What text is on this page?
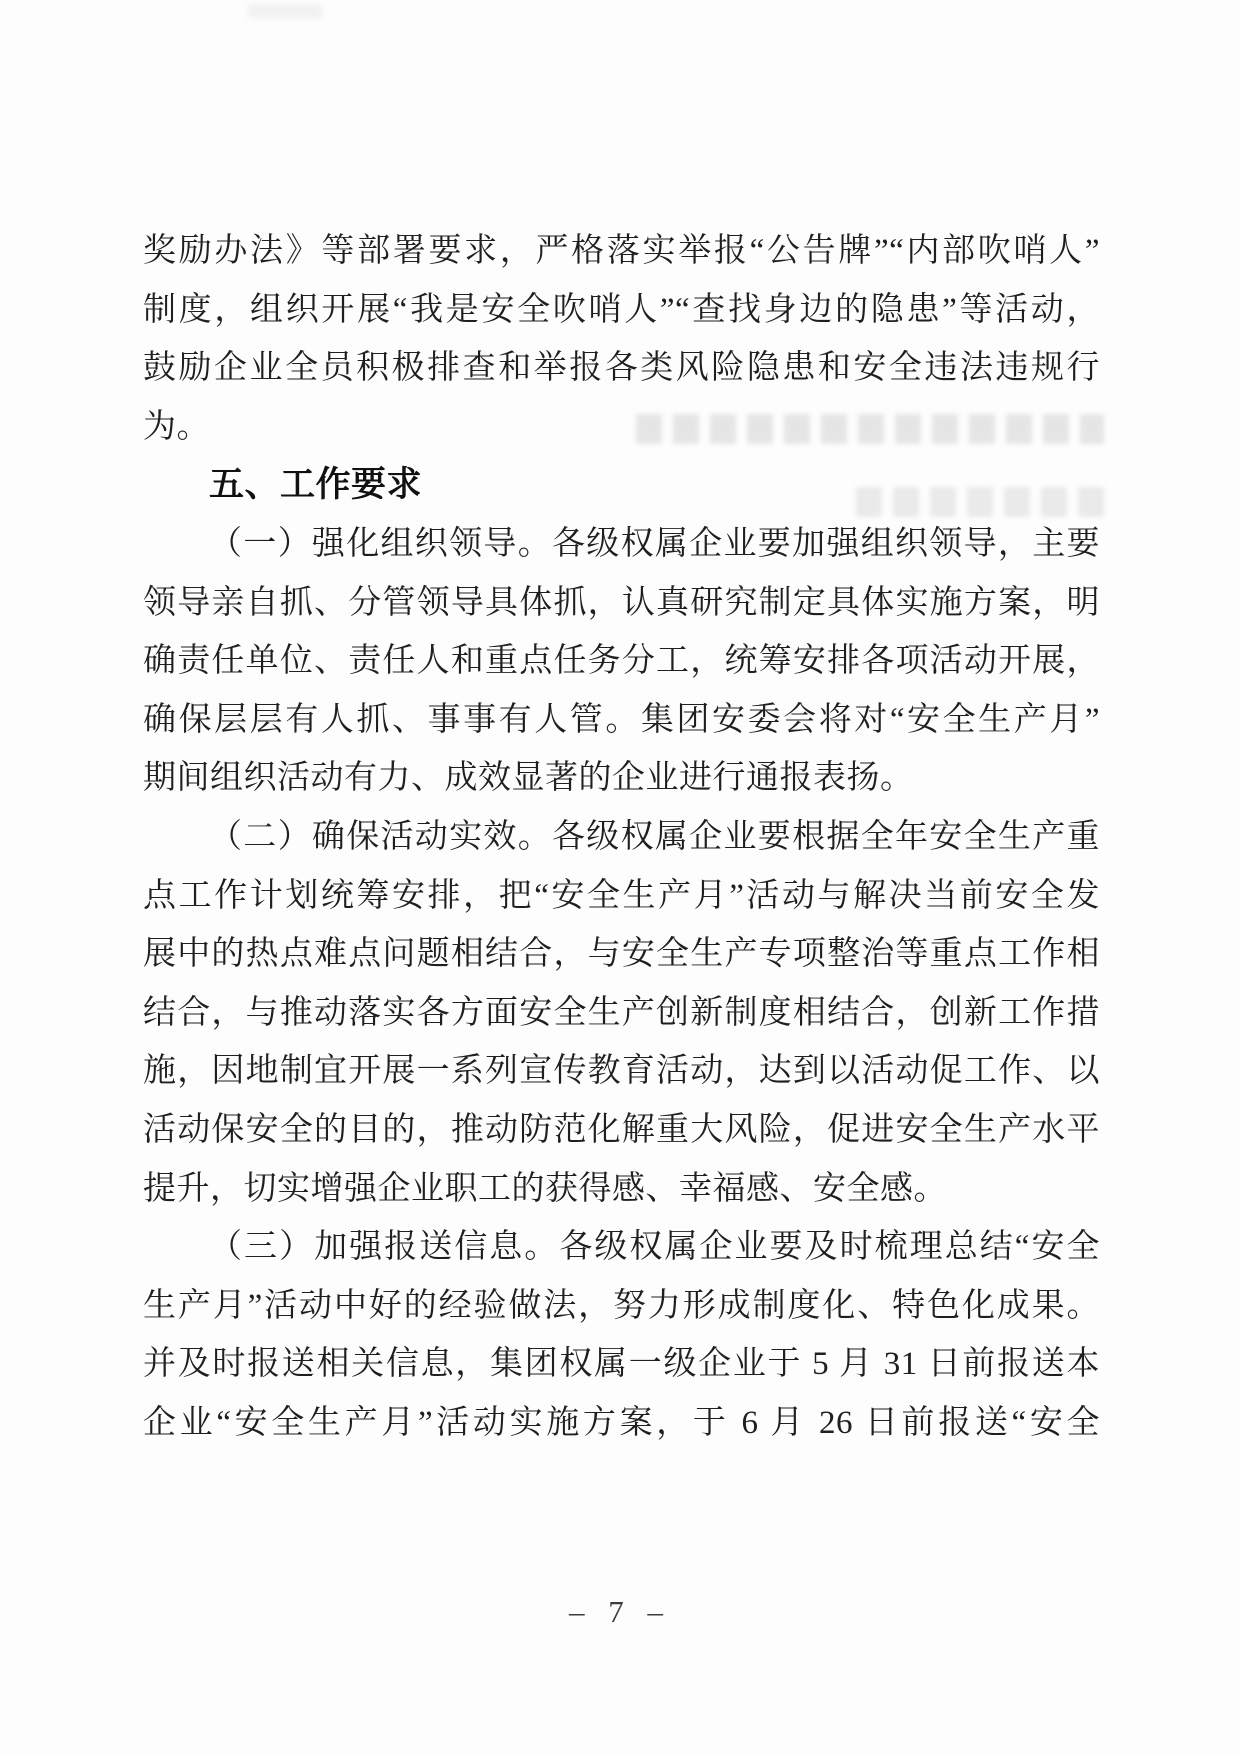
奖励办法》等部署要求，严格落实举报“公告牌”“内部吹哨人”
制度，组织开展“我是安全吹哨人”“查找身边的隐患”等活动，
鼓励企业全员积极排查和举报各类风险隐患和安全违法违规行
为。
五、工作要求
（一）强化组织领导。各级权属企业要加强组织领导，主要
领导亲自抓、分管领导具体抓，认真研究制定具体实施方案，明
确责任单位、责任人和重点任务分工，统筹安排各项活动开展，
确保层层有人抓、事事有人管。集团安委会将对“安全生产月”
期间组织活动有力、成效显著的企业进行通报表扬。
（二）确保活动实效。各级权属企业要根据全年安全生产重
点工作计划统筹安排，把“安全生产月”活动与解决当前安全发
展中的热点难点问题相结合，与安全生产专项整治等重点工作相
结合，与推动落实各方面安全生产创新制度相结合，创新工作措
施，因地制宜开展一系列宣传教育活动，达到以活动促工作、以
活动保安全的目的，推动防范化解重大风险，促进安全生产水平
提升，切实增强企业职工的获得感、幸福感、安全感。
（三）加强报送信息。各级权属企业要及时梳理总结“安全
生产月”活动中好的经验做法，努力形成制度化、特色化成果。
并及时报送相关信息，集团权属一级企业于 5 月 31 日前报送本
企业“安全生产月”活动实施方案，于 6 月 26 日前报送“安全
– 7 –
